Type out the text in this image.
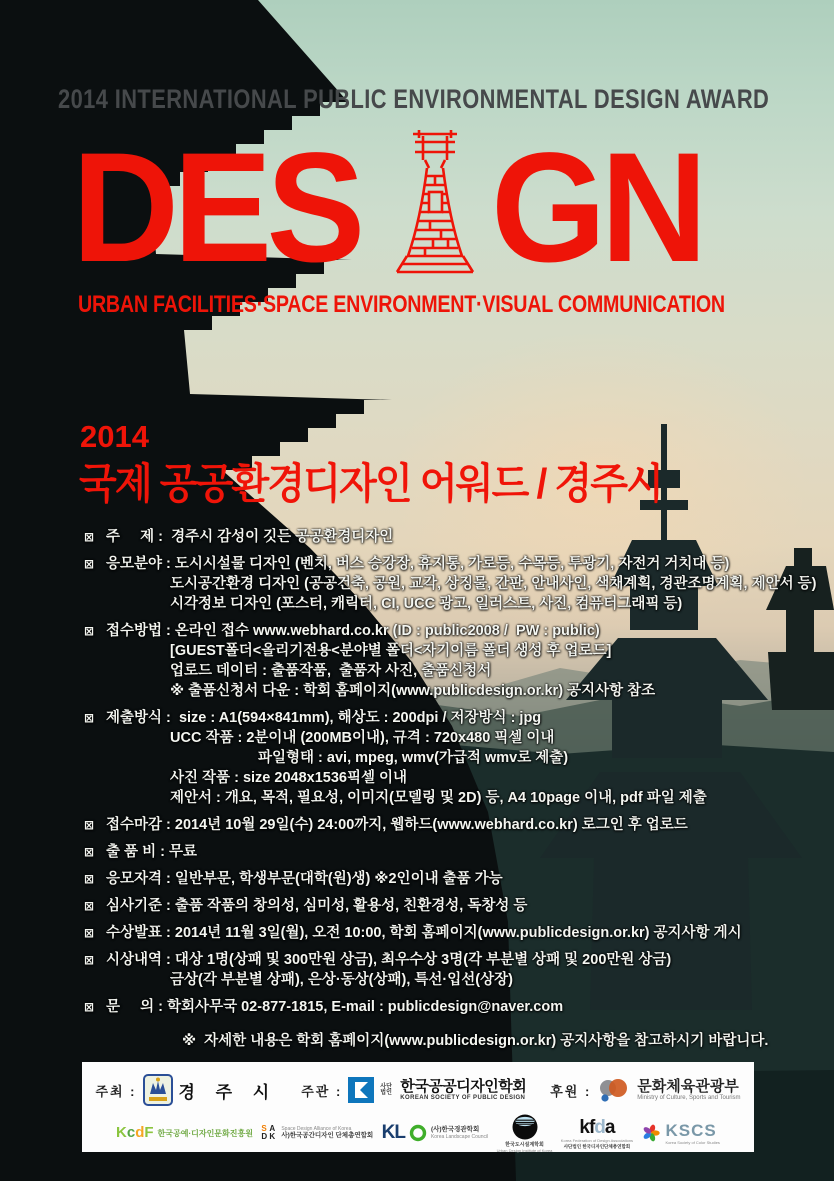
2014 INTERNATIONAL PUBLIC ENVIRONMENTAL DESIGN AWARD
DES GN
URBAN FACILITIES·SPACE ENVIRONMENT·VISUAL COMMUNICATION
2014
국제 공공환경디자인 어워드 / 경주시
⊠ 주     제 :  경주시 감성이 깃든 공공환경디자인
⊠ 응모분야 : 도시시설물 디자인 (벤치, 버스 승강장, 휴지통, 가로등, 수목등, 투광기, 자전거 거치대 등)
도시공간환경 디자인 (공공건축, 공원, 교각, 상징물, 간판, 안내사인, 색채계획, 경관조명계획, 제안서 등)
시각정보 디자인 (포스터, 캐릭터, CI, UCC 광고, 일러스트, 사진, 컴퓨터그래픽 등)
⊠ 접수방법 : 온라인 접수 www.webhard.co.kr (ID : public2008 /  PW : public)
[GUEST폴더<올리기전용<분야별 폴더<자기이름 폴더 생성 후 업로드]
업로드 데이터 : 출품작품,  출품자 사진, 출품신청서
※ 출품신청서 다운 : 학회 홈페이지(www.publicdesign.or.kr) 공지사항 참조
⊠ 제출방식 :  size : A1(594×841mm), 해상도 : 200dpi / 저장방식 : jpg
UCC 작품 : 2분이내 (200MB이내), 규격 : 720x480 픽셀 이내
파일형태 : avi, mpeg, wmv(가급적 wmv로 제출)
사진 작품 : size 2048x1536픽셀 이내
제안서 : 개요, 목적, 필요성, 이미지(모델링 및 2D) 등, A4 10page 이내, pdf 파일 제출
⊠ 접수마감 : 2014년 10월 29일(수) 24:00까지, 웹하드(www.webhard.co.kr) 로그인 후 업로드
⊠ 출 품 비 : 무료
⊠ 응모자격 : 일반부문, 학생부문(대학(원)생) ※2인이내 출품 가능
⊠ 심사기준 : 출품 작품의 창의성, 심미성, 활용성, 친환경성, 독창성 등
⊠ 수상발표 : 2014년 11월 3일(월), 오전 10:00, 학회 홈페이지(www.publicdesign.or.kr) 공지사항 게시
⊠ 시상내역 : 대상 1명(상패 및 300만원 상금), 최우수상 3명(각 부분별 상패 및 200만원 상금)
금상(각 부분별 상패), 은상·동상(상패), 특선·입선(상장)
⊠ 문     의 : 학회사무국 02-877-1815, E-mail : publicdesign@naver.com
※  자세한 내용은 학회 홈페이지(www.publicdesign.or.kr) 공지사항을 참고하시기 바랍니다.
주최 : 경 주 시 주관 :	사단법인 한국공공디자인학회
KOREAN SOCIETY OF PUBLIC DESIGN 후원 :	문화체육관광부
Ministry of Culture, Sports and Tourism
KcdF 한국공예·디자인문화진흥원 S A
D K
Space Design Alliance of Korea
사)한국공간디자인 단체총연합회 KL	(사)한국경관학회
Korea Landscape Council
한국도시설계학회
Urban Design Institute of Korea
kfda
Korea Federation of Design Associations
사단법인 한국디자인단체총연합회
KSCS
Korea Society of Color Studies
